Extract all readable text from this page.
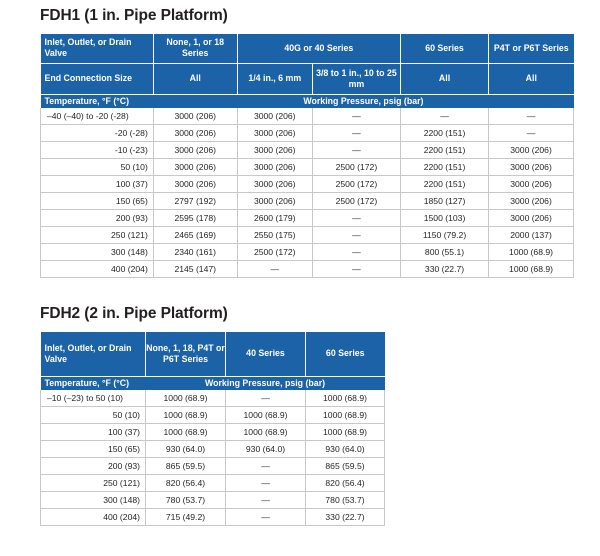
FDH1 (1 in. Pipe Platform)
Inlet, Outlet, or Drain Valve	None, 1, or 18 Series	40G or 40 Series		60 Series	P4T or P6T Series
End Connection Size	All	1/4 in., 6 mm	3/8 to 1 in., 10 to 25 mm	All	All
Temperature, °F (°C)	Working Pressure, psig (bar)				
–40 (–40) to -20 (-28)	3000 (206)	3000 (206)	—	—	—
-20 (-28)	3000 (206)	3000 (206)	—	2200 (151)	—
-10 (-23)	3000 (206)	3000 (206)	—	2200 (151)	3000 (206)
50 (10)	3000 (206)	3000 (206)	2500 (172)	2200 (151)	3000 (206)
100 (37)	3000 (206)	3000 (206)	2500 (172)	2200 (151)	3000 (206)
150 (65)	2797 (192)	3000 (206)	2500 (172)	1850 (127)	3000 (206)
200 (93)	2595 (178)	2600 (179)	—	1500 (103)	3000 (206)
250 (121)	2465 (169)	2550 (175)	—	1150 (79.2)	2000 (137)
300 (148)	2340 (161)	2500 (172)	—	800 (55.1)	1000 (68.9)
400 (204)	2145 (147)	—	—	330 (22.7)	1000 (68.9)
FDH2 (2 in. Pipe Platform)
Inlet, Outlet, or Drain Valve	None, 1, 18, P4T or P6T Series	40 Series	60 Series
Temperature, °F (°C)	Working Pressure, psig (bar)		
–10 (–23) to 50 (10)	1000 (68.9)	—	1000 (68.9)
50 (10)	1000 (68.9)	1000 (68.9)	1000 (68.9)
100 (37)	1000 (68.9)	1000 (68.9)	1000 (68.9)
150 (65)	930 (64.0)	930 (64.0)	930 (64.0)
200 (93)	865 (59.5)	—	865 (59.5)
250 (121)	820 (56.4)	—	820 (56.4)
300 (148)	780 (53.7)	—	780 (53.7)
400 (204)	715 (49.2)	—	330 (22.7)
